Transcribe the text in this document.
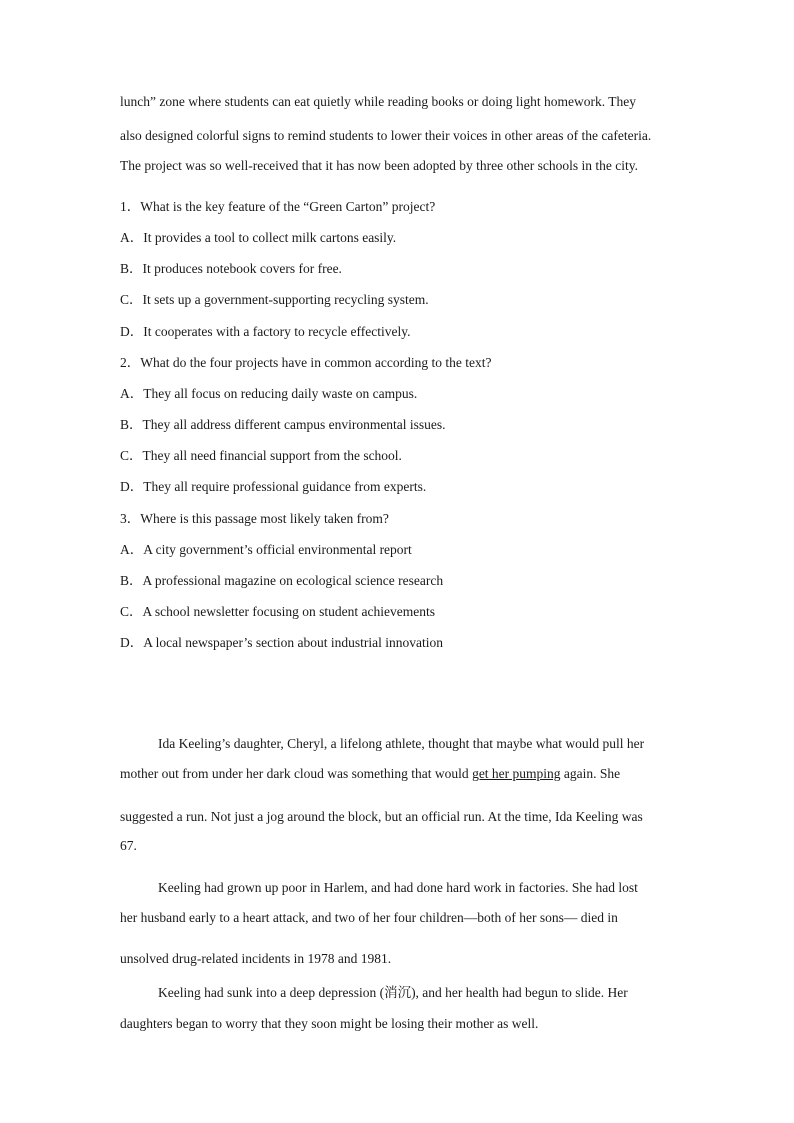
lunch” zone where students can eat quietly while reading books or doing light homework. They
also designed colorful signs to remind students to lower their voices in other areas of the cafeteria.
The project was so well-received that it has now been adopted by three other schools in the city.
1．What is the key feature of the “Green Carton” project?
A．It provides a tool to collect milk cartons easily.
B．It produces notebook covers for free.
C．It sets up a government-supporting recycling system.
D．It cooperates with a factory to recycle effectively.
2．What do the four projects have in common according to the text?
A．They all focus on reducing daily waste on campus.
B．They all address different campus environmental issues.
C．They all need financial support from the school.
D．They all require professional guidance from experts.
3．Where is this passage most likely taken from?
A．A city government’s official environmental report
B．A professional magazine on ecological science research
C．A school newsletter focusing on student achievements
D．A local newspaper’s section about industrial innovation
Ida Keeling’s daughter, Cheryl, a lifelong athlete, thought that maybe what would pull her
mother out from under her dark cloud was something that would get her pumping again. She
suggested a run. Not just a jog around the block, but an official run. At the time, Ida Keeling was
67.
Keeling had grown up poor in Harlem, and had done hard work in factories. She had lost
her husband early to a heart attack, and two of her four children—both of her sons— died in
unsolved drug-related incidents in 1978 and 1981.
Keeling had sunk into a deep depression (消沉), and her health had begun to slide. Her
daughters began to worry that they soon might be losing their mother as well.
